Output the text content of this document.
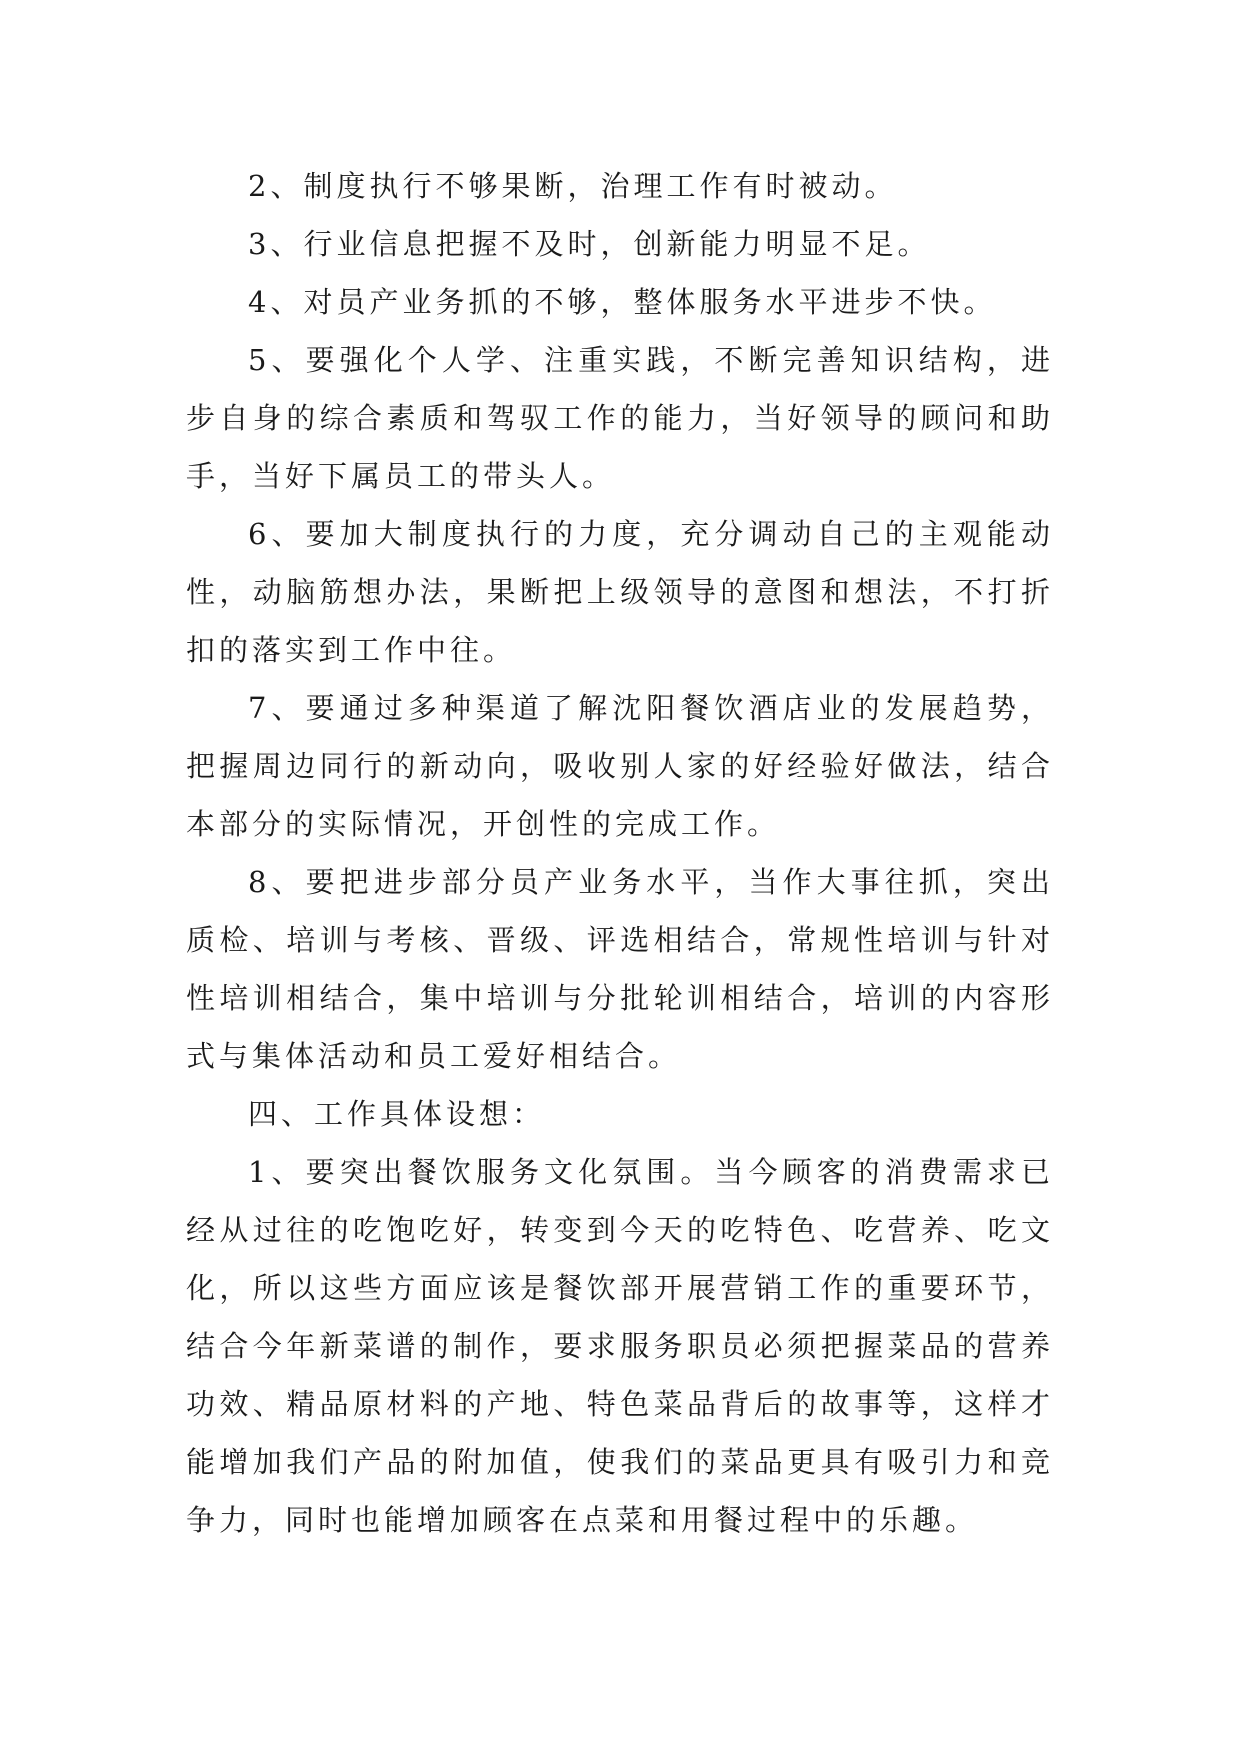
2、制度执行不够果断，治理工作有时被动。

3、行业信息把握不及时，创新能力明显不足。

4、对员产业务抓的不够，整体服务水平进步不快。

5、要强化个人学、注重实践，不断完善知识结构，进步自身的综合素质和驾驭工作的能力，当好领导的顾问和助手，当好下属员工的带头人。

6、要加大制度执行的力度，充分调动自己的主观能动性，动脑筋想办法，果断把上级领导的意图和想法，不打折扣的落实到工作中往。

7、要通过多种渠道了解沈阳餐饮酒店业的发展趋势，把握周边同行的新动向，吸收别人家的好经验好做法，结合本部分的实际情况，开创性的完成工作。

8、要把进步部分员产业务水平，当作大事往抓，突出质检、培训与考核、晋级、评选相结合，常规性培训与针对性培训相结合，集中培训与分批轮训相结合，培训的内容形式与集体活动和员工爱好相结合。

四、工作具体设想：

1、要突出餐饮服务文化氛围。当今顾客的消费需求已经从过往的吃饱吃好，转变到今天的吃特色、吃营养、吃文化，所以这些方面应该是餐饮部开展营销工作的重要环节，结合今年新菜谱的制作，要求服务职员必须把握菜品的营养功效、精品原材料的产地、特色菜品背后的故事等，这样才能增加我们产品的附加值，使我们的菜品更具有吸引力和竞争力，同时也能增加顾客在点菜和用餐过程中的乐趣。
